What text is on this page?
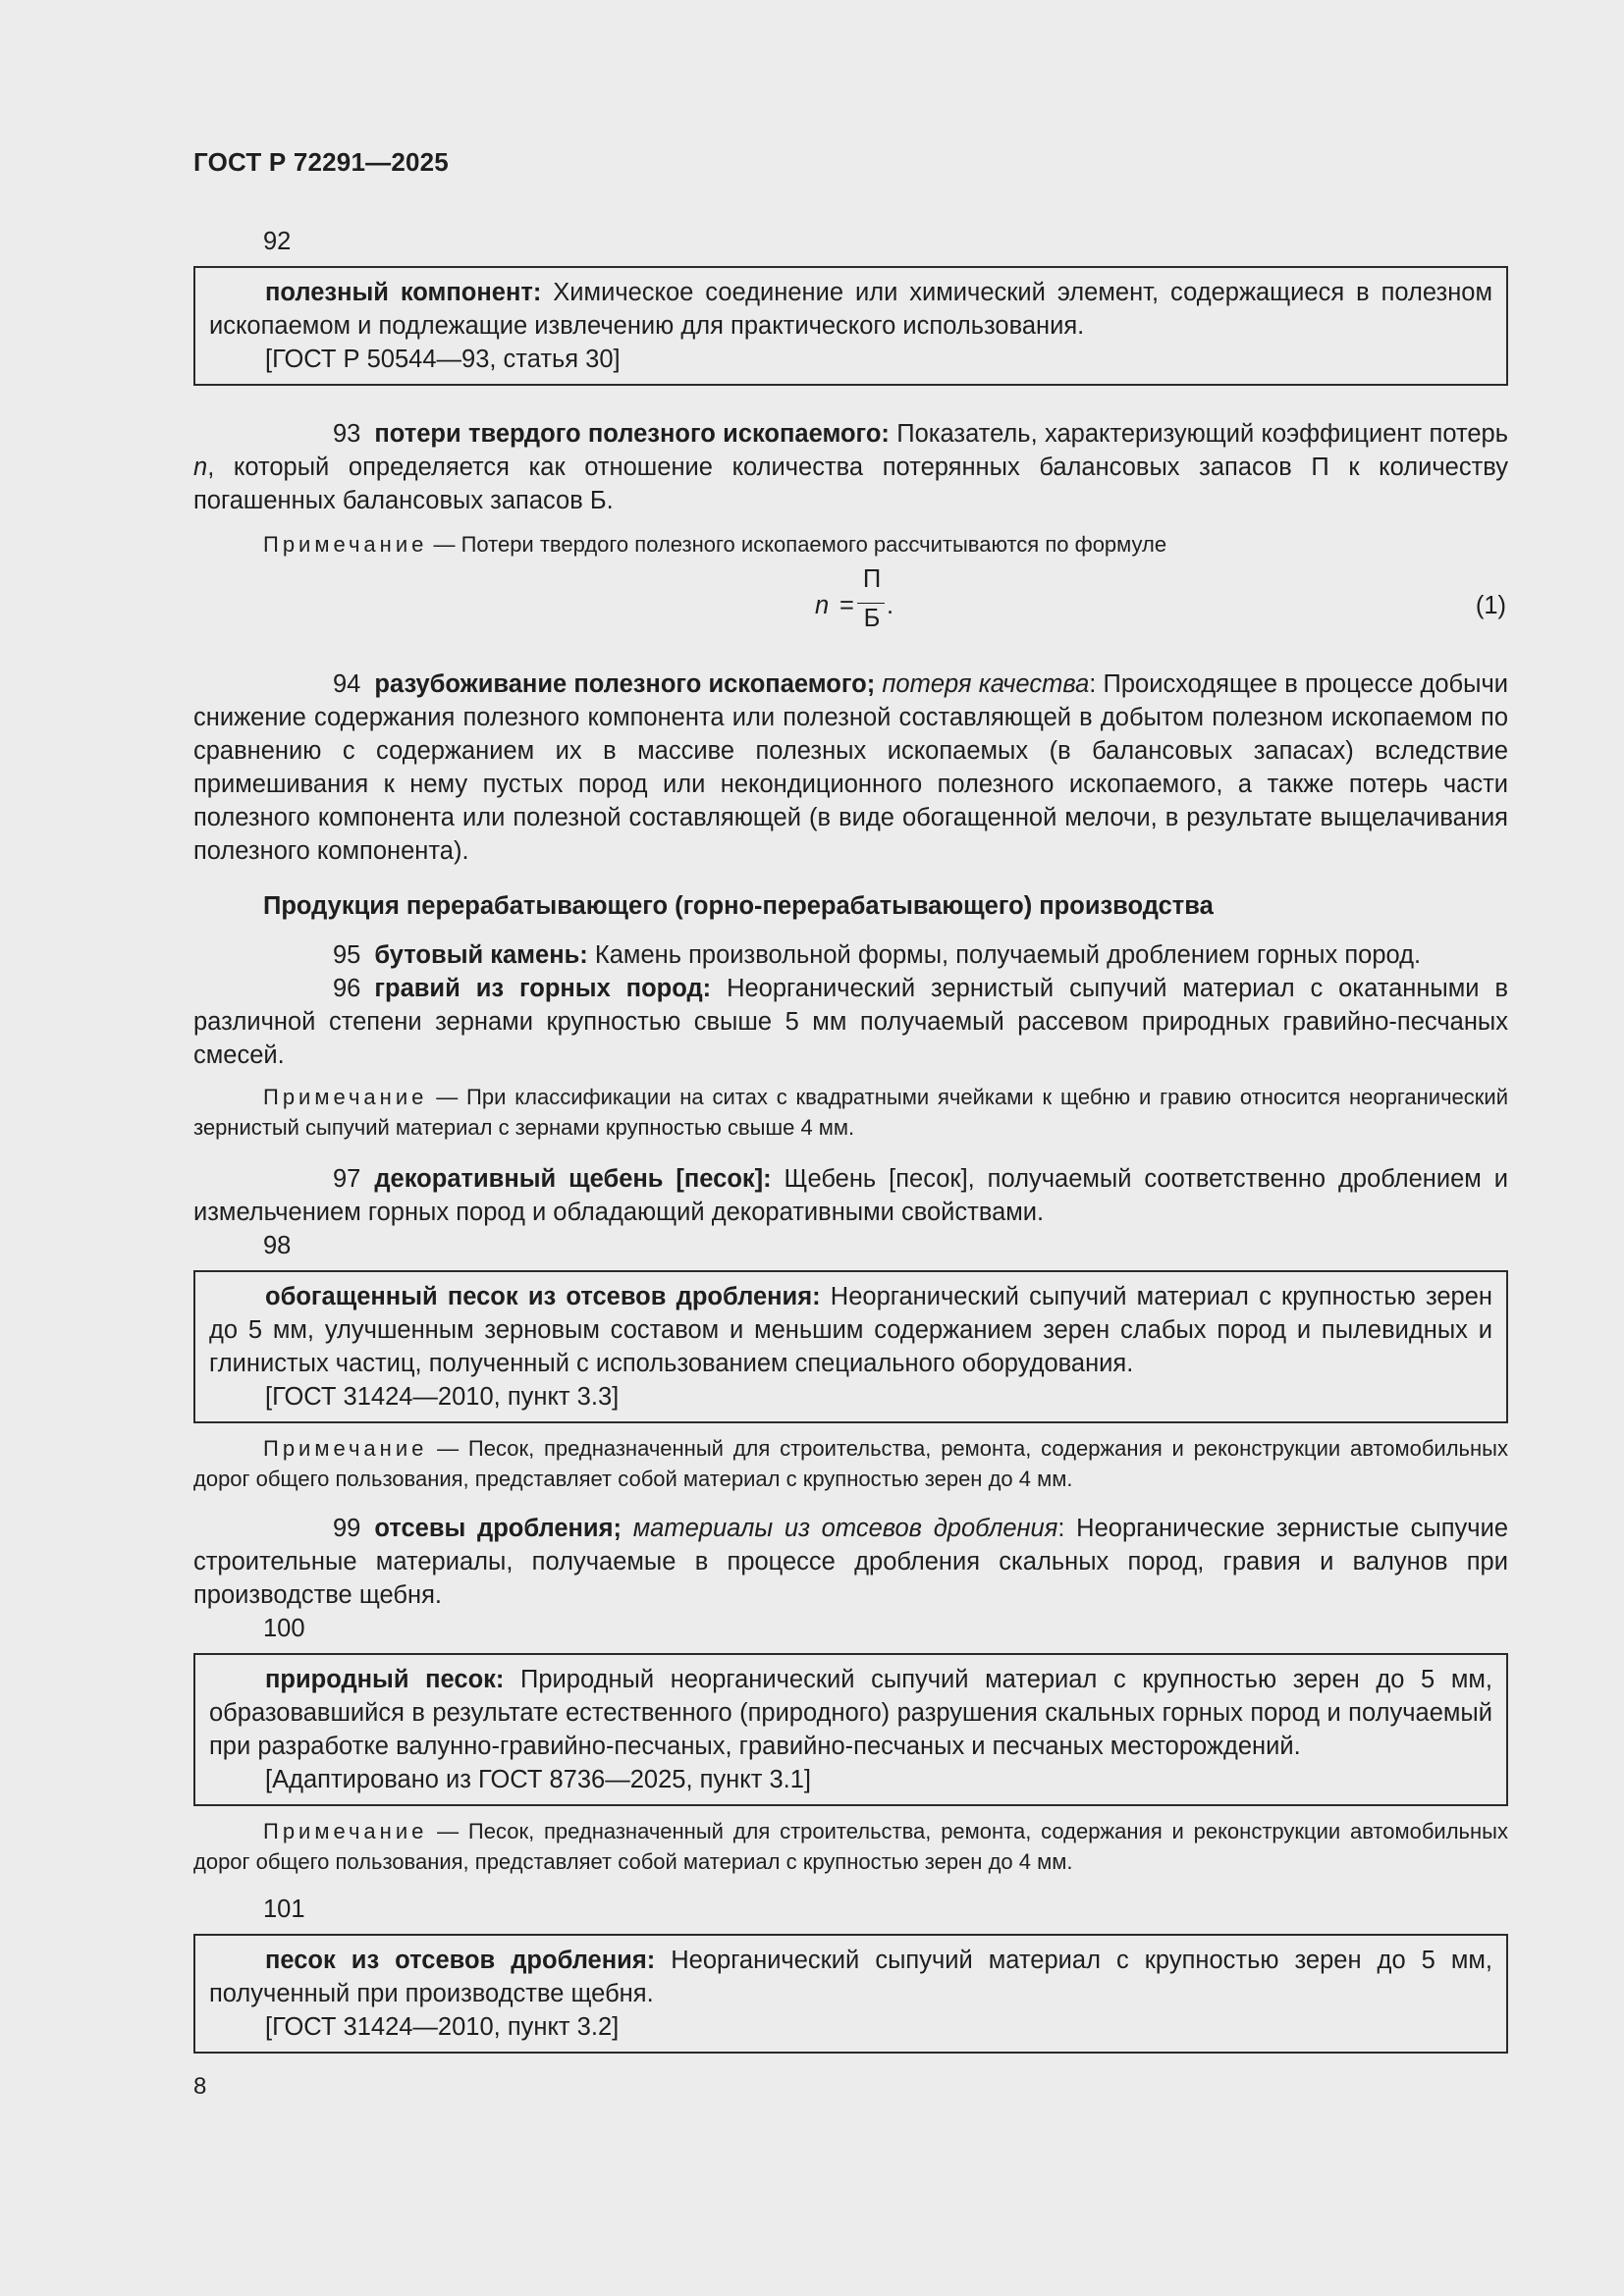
ГОСТ Р 72291—2025
92

полезный компонент: Химическое соединение или химический элемент, содержащиеся в полезном ископаемом и подлежащие извлечению для практического использования.

[ГОСТ Р 50544—93, статья 30]

93 потери твердого полезного ископаемого: Показатель, характеризующий коэффициент потерь n, который определяется как отношение количества потерянных балансовых запасов П к количеству погашенных балансовых запасов Б.

Примечание — Потери твердого полезного ископаемого рассчитываются по формуле

n =
П
Б .	(1)

94 разубоживание полезного ископаемого; потеря качества: Происходящее в процессе добычи снижение содержания полезного компонента или полезной составляющей в добытом полезном ископаемом по сравнению с содержанием их в массиве полезных ископаемых (в балансовых запасах) вследствие примешивания к нему пустых пород или некондиционного полезного ископаемого, а также потерь части полезного компонента или полезной составляющей (в виде обогащенной мелочи, в результате выщелачивания полезного компонента).

Продукция перерабатывающего (горно-перерабатывающего) производства

95 бутовый камень: Камень произвольной формы, получаемый дроблением горных пород.

96 гравий из горных пород: Неорганический зернистый сыпучий материал с окатанными в различной степени зернами крупностью свыше 5 мм получаемый рассевом природных гравийно-песчаных смесей.

Примечание — При классификации на ситах с квадратными ячейками к щебню и гравию относится неорганический зернистый сыпучий материал с зернами крупностью свыше 4 мм.

97 декоративный щебень [песок]: Щебень [песок], получаемый соответственно дроблением и измельчением горных пород и обладающий декоративными свойствами.

98

обогащенный песок из отсевов дробления: Неорганический сыпучий материал с крупностью зерен до 5 мм, улучшенным зерновым составом и меньшим содержанием зерен слабых пород и пылевидных и глинистых частиц, полученный с использованием специального оборудования.

[ГОСТ 31424—2010, пункт 3.3]

Примечание — Песок, предназначенный для строительства, ремонта, содержания и реконструкции автомобильных дорог общего пользования, представляет собой материал с крупностью зерен до 4 мм.

99 отсевы дробления; материалы из отсевов дробления: Неорганические зернистые сыпучие строительные материалы, получаемые в процессе дробления скальных пород, гравия и валунов при производстве щебня.

100

природный песок: Природный неорганический сыпучий материал с крупностью зерен до 5 мм, образовавшийся в результате естественного (природного) разрушения скальных горных пород и получаемый при разработке валунно-гравийно-песчаных, гравийно-песчаных и песчаных месторождений.

[Адаптировано из ГОСТ 8736—2025, пункт 3.1]

Примечание — Песок, предназначенный для строительства, ремонта, содержания и реконструкции автомобильных дорог общего пользования, представляет собой материал с крупностью зерен до 4 мм.

101

песок из отсевов дробления: Неорганический сыпучий материал с крупностью зерен до 5 мм, полученный при производстве щебня.

[ГОСТ 31424—2010, пункт 3.2]
8
